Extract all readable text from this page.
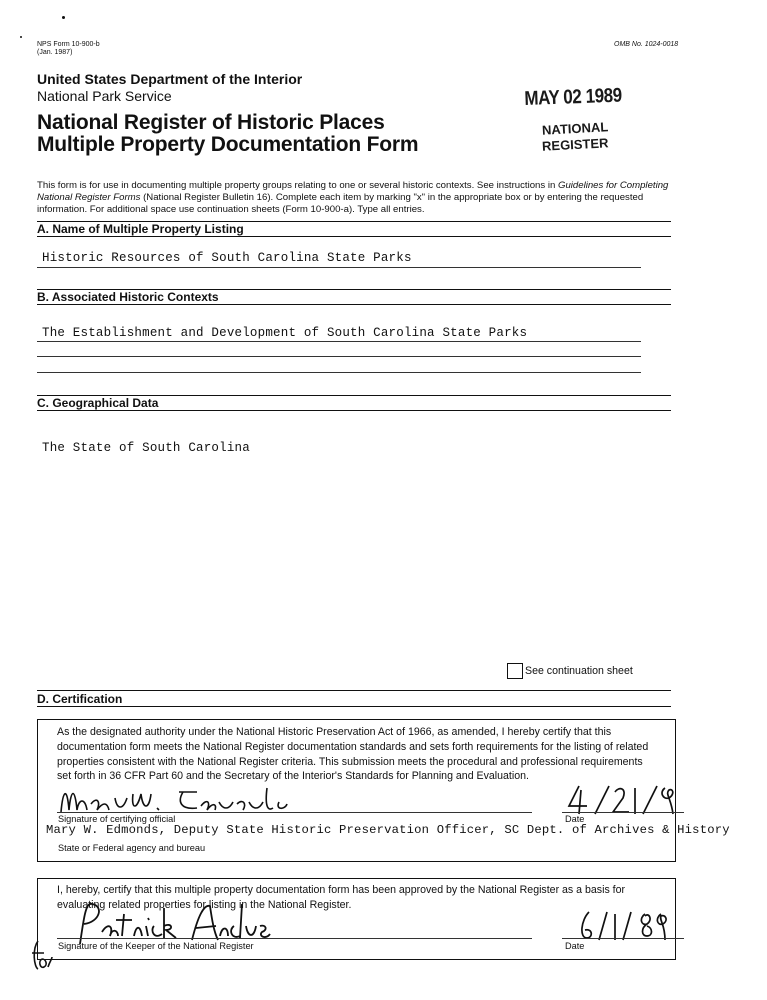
NPS Form 10-900-b
(Jan. 1987)
OMB No. 1024-0018
United States Department of the Interior
National Park Service
National Register of Historic Places
Multiple Property Documentation Form
MAY 02 1989
NATIONAL
REGISTER
This form is for use in documenting multiple property groups relating to one or several historic contexts. See instructions in Guidelines for Completing National Register Forms (National Register Bulletin 16). Complete each item by marking "x" in the appropriate box or by entering the requested information. For additional space use continuation sheets (Form 10-900-a). Type all entries.
A. Name of Multiple Property Listing
Historic Resources of South Carolina State Parks
B. Associated Historic Contexts
The Establishment and Development of South Carolina State Parks
C. Geographical Data
The State of South Carolina
See continuation sheet
D. Certification
As the designated authority under the National Historic Preservation Act of 1966, as amended, I hereby certify that this documentation form meets the National Register documentation standards and sets forth requirements for the listing of related properties consistent with the National Register criteria. This submission meets the procedural and professional requirements set forth in 36 CFR Part 60 and the Secretary of the Interior's Standards for Planning and Evaluation.
Signature of certifying official	Date
Mary W. Edmonds, Deputy State Historic Preservation Officer, SC Dept. of Archives & History
State or Federal agency and bureau
I, hereby, certify that this multiple property documentation form has been approved by the National Register as a basis for evaluating related properties for listing in the National Register.
Signature of the Keeper of the National Register	Date
